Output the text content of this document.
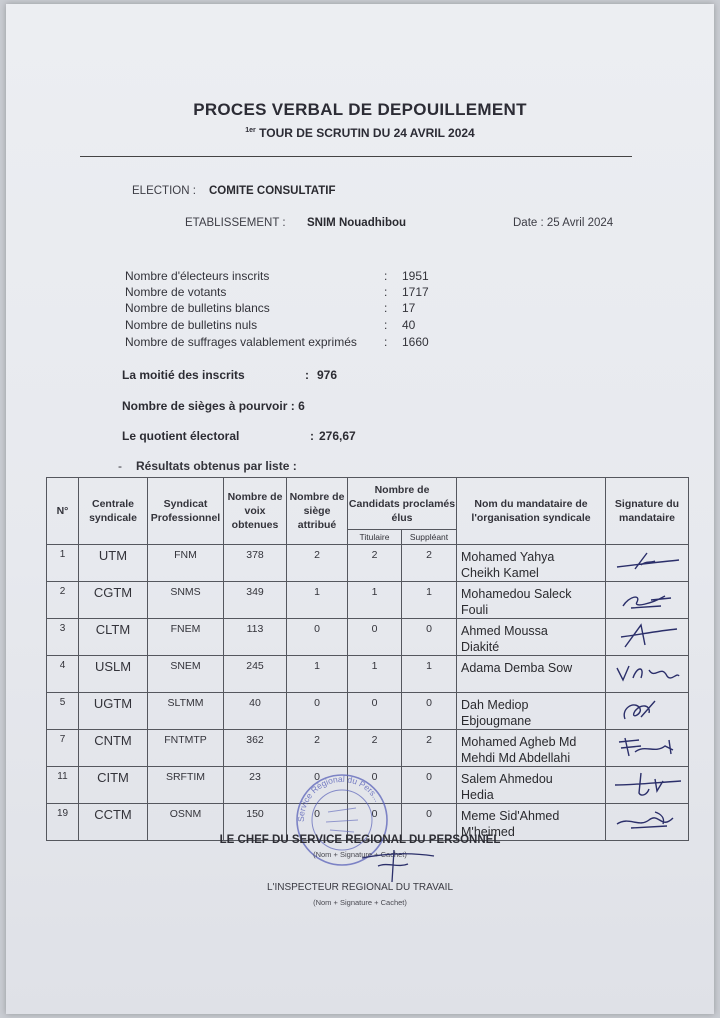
PROCES VERBAL DE DEPOUILLEMENT
$^{1er}$ TOUR DE SCRUTIN DU 24 AVRIL 2024
ELECTION : COMITE CONSULTATIF
ETABLISSEMENT : SNIM Nouadhibou	Date : 25 Avril 2024
Nombre d'électeurs inscrits	: 1951
Nombre de votants	: 1717
Nombre de bulletins blancs	: 17
Nombre de bulletins nuls	: 40
Nombre de suffrages valablement exprimés : 1660
La moitié des inscrits	: 976
Nombre de sièges à pourvoir : 6
Le quotient électoral	: 276,67
- Résultats obtenus par liste :
N°	Centrale syndicale	Syndicat Professionnel	Nombre de voix obtenues	Nombre de siège attribué	Nombre de Candidats proclamés élus		Nom du mandataire de l'organisation syndicale	Signature du mandataire
					Titulaire	Suppléant		
1	UTM	FNM	378	2	2	2	Mohamed Yahya
Cheikh Kamel	

2	CGTM	SNMS	349	1	1	1	Mohamedou Saleck
Fouli	

3	CLTM	FNEM	113	0	0	0	Ahmed Moussa
Diakité	

4	USLM	SNEM	245	1	1	1	Adama Demba Sow

5	UGTM	SLTMM	40	0	0	0	Dah Mediop
Ebjougmane	

7	CNTM	FNTMTP	362	2	2	2	Mohamed Agheb Md
Mehdi Md Abdellahi	

11	CITM	SRFTIM	23	0	0	0	Salem Ahmedou
Hedia	

19	CCTM	OSNM	150	0	0	0	Meme Sid'Ahmed
M'heimed	
Service Régional du Pers...
LE CHEF DU SERVICE REGIONAL DU PERSONNEL
(Nom + Signature + Cachet)
L'INSPECTEUR REGIONAL DU TRAVAIL
(Nom + Signature + Cachet)
